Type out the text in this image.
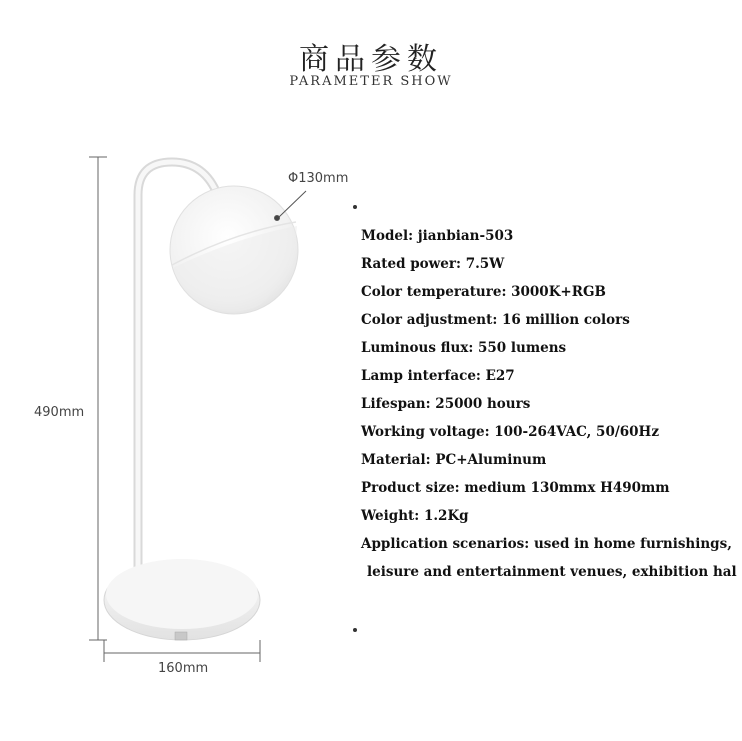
商品参数
PARAMETER SHOW
Φ130mm
490mm
160mm
Model: jianbian-503
Rated power: 7.5W
Color temperature: 3000K+RGB
Color adjustment: 16 million colors
Luminous flux: 550 lumens
Lamp interface: E27
Lifespan: 25000 hours
Working voltage: 100-264VAC, 50/60Hz
Material: PC+Aluminum
Product size: medium 130mmx H490mm
Weight: 1.2Kg
Application scenarios: used in home furnishings,
leisure and entertainment venues, exhibition hal
